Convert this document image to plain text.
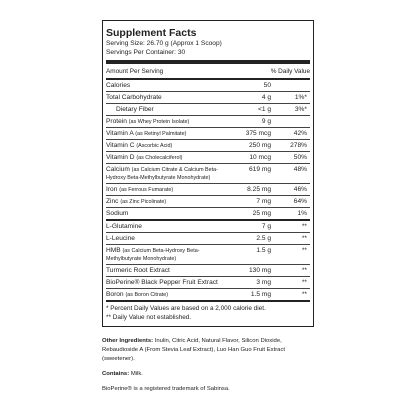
Supplement Facts
Serving Size: 26.70 g (Approx 1 Scoop)
Servings Per Container: 30
Amount Per Serving	% Daily Value
Calories	50
Total Carbohydrate	4 g	1%*
Dietary Fiber	<1 g	3%*
Protein (as Whey Protein Isolate)	9 g
Vitamin A (as Retinyl Palmitate)	375 mcg	42%
Vitamin C (Ascorbic Acid)	250 mg	278%
Vitamin D (as Cholecalciferol)	10 mcg	50%
Calcium (as Calcium Citrate & Calcium Beta-Hydroxy Beta-Methylbutyrate Monohydrate)
619 mg	48%
Iron (as Ferrous Fumarate)	8.25 mg	46%
Zinc (as Zinc Picolinate)	7 mg	64%
Sodium	25 mg	1%
L-Glutamine	7 g	**
L-Leucine	2.5 g	**
HMB (as Calcium Beta-Hydroxy Beta-Methylbutyrate Monohydrate)
1.5 g	**
Turmeric Root Extract	130 mg	**
BioPerine® Black Pepper Fruit Extract	3 mg	**
Boron (as Boron Citrate)	1.5 mg	**
* Percent Daily Values are based on a 2,000 calorie diet.
** Daily Value not established.

Other Ingredients: Inulin, Citric Acid, Natural Flavor, Silicon Dioxide, Rebaudioside A (From Stevia Leaf Extract), Luo Han Guo Fruit Extract (sweetener).

Contains: Milk.

BioPerine® is a registered trademark of Sabinsa.
